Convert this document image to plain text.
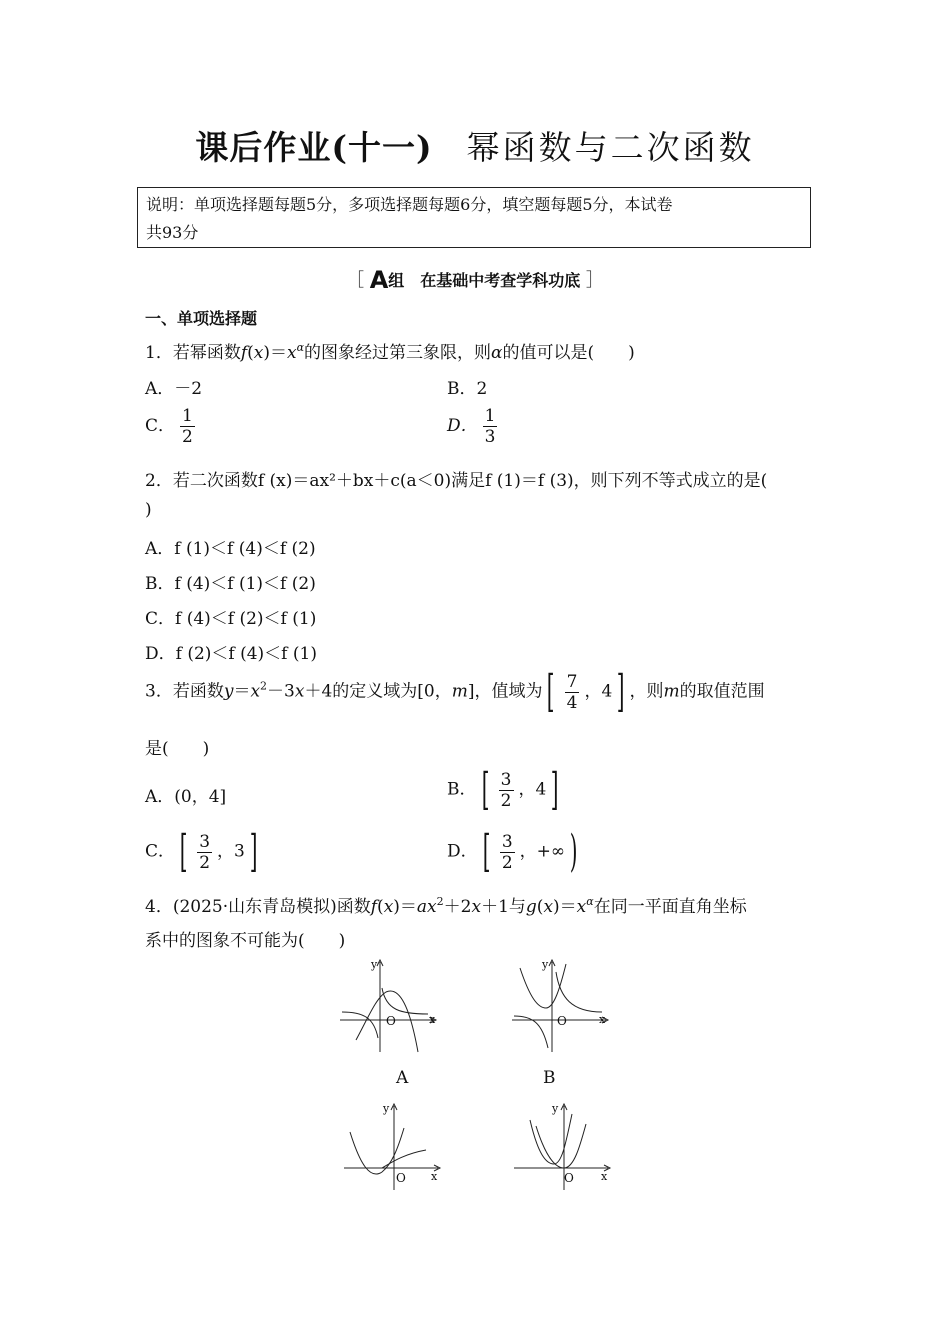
课后作业(十一) 幂函数与二次函数
说明：单项选择题每题5分，多项选择题每题6分，填空题每题5分，本试卷
共93分
［ A组　在基础中考查学科功底 ］
一、单项选择题
1．若幂函数$f(x)=x^\alpha$的图象经过第三象限，则α的值可以是(　　)
A．－2	B．2
C． $\frac{1}{2}$	D． $\frac{1}{3}$
2．若二次函数f (x)＝ax²＋bx＋c(a＜0)满足f (1)＝f (3)，则下列不等式成立的是(
)
A．f (1)＜f (4)＜f (2)
B．f (4)＜f (1)＜f (2)
C．f (4)＜f (2)＜f (1)
D．f (2)＜f (4)＜f (1)
3．若函数$y=x^2-3x+4$的定义域为[0，m]，值域为 [ $\frac{7}{4}$ ，4 ] ，则m的取值范围
是(　　)
A．(0，4]	B． [ $\frac{3}{2}$ ，4 ]
C． [ $\frac{3}{2}$ ，3 ]	D． [ $\frac{3}{2}$ ，+∞ )
4．(2025·山东青岛模拟)函数$f(x)=ax^2+2x+1$与$g(x)=x^\alpha$在同一平面直角坐标
系中的图象不可能为(　　)
y
x
O
A
y
x
O
B
y
x
O
y
x
O
